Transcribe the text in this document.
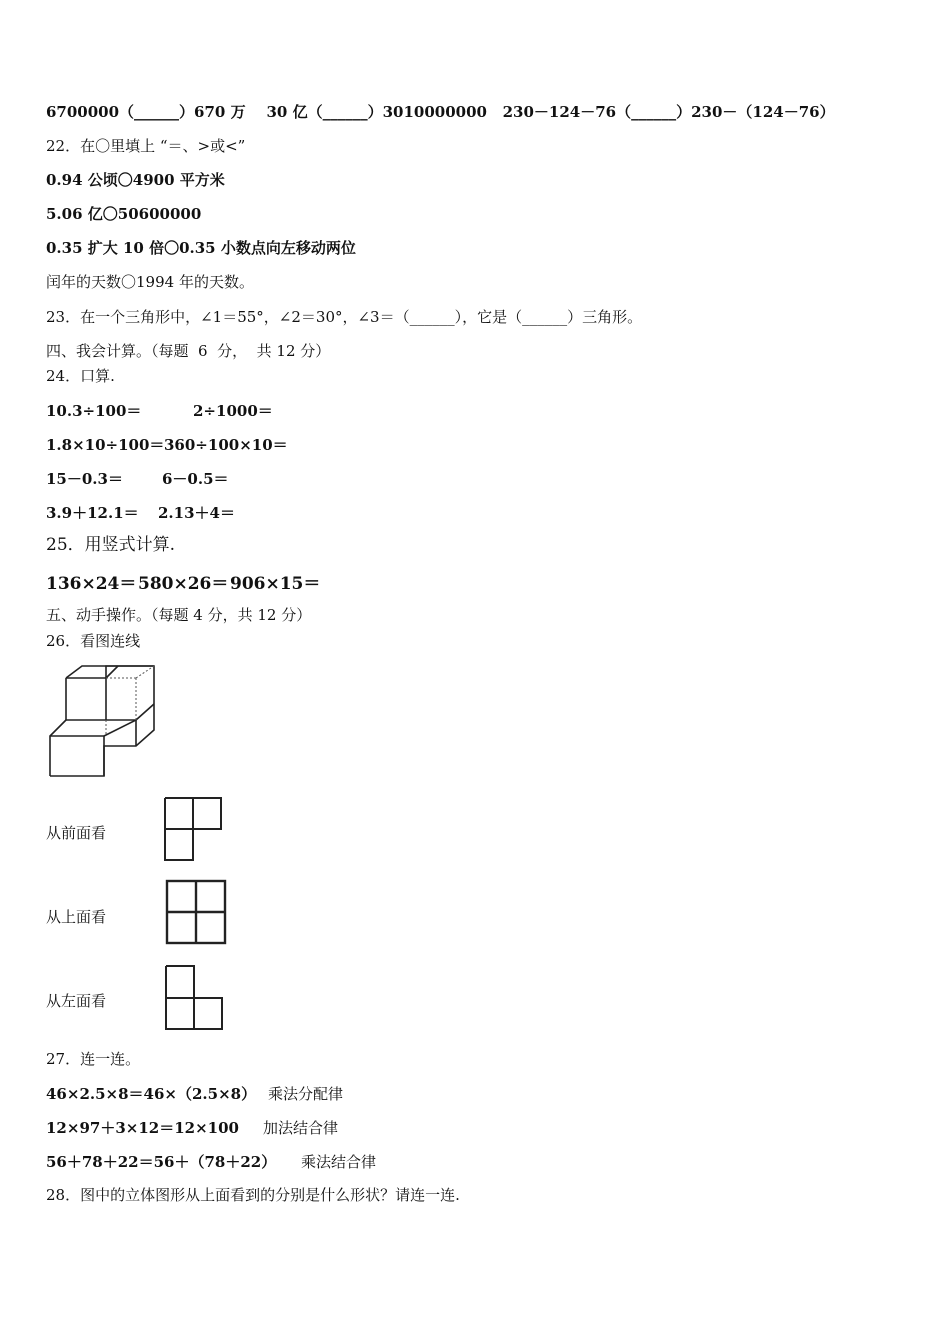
6700000（______）670 万    30 亿（______）3010000000   230－124－76（______）230－（124－76）
22．在〇里填上 “＝、>或<”
0.94 公顷〇4900 平方米
5.06 亿〇50600000
0.35 扩大 10 倍〇0.35 小数点向左移动两位
闰年的天数〇1994 年的天数。
23．在一个三角形中，∠1＝55°，∠2＝30°，∠3＝（______），它是（______）三角形。
四、我会计算。（每题  6  分，  共 12 分）
24．口算.
10.3÷100＝	2÷1000＝
1.8×10÷100＝ 360÷100×10＝
15－0.3＝	6－0.5＝
3.9＋12.1＝ 2.13＋4＝
25．用竖式计算.
136×24＝ 580×26＝ 906×15＝
五、动手操作。（每题 4 分，共 12 分）
26．看图连线
从前面看
从上面看
从左面看
27．连一连。
46×2.5×8＝46×（2.5×8） 乘法分配律
12×97＋3×12＝12×100 加法结合律
56＋78＋22＝56＋（78＋22） 乘法结合律
28．图中的立体图形从上面看到的分别是什么形状？请连一连.
